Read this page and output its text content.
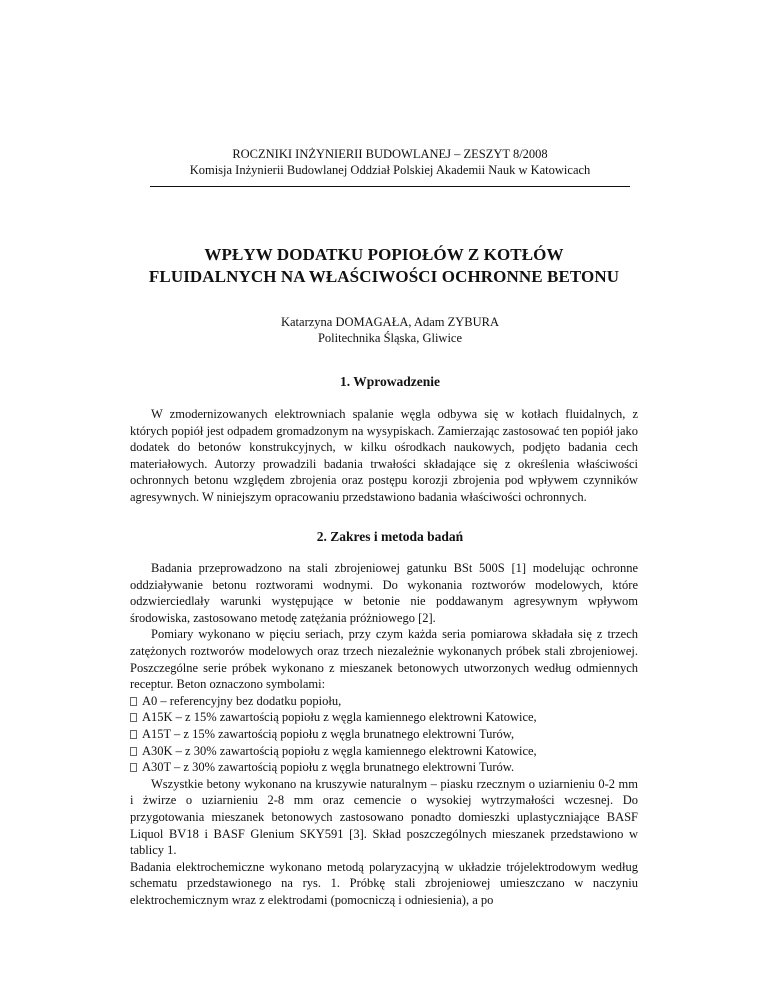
ROCZNIKI INŻYNIERII BUDOWLANEJ – ZESZYT 8/2008
Komisja Inżynierii Budowlanej Oddział Polskiej Akademii Nauk w Katowicach
WPŁYW DODATKU POPIOŁÓW Z KOTŁÓW
FLUIDALNYCH NA WŁAŚCIWOŚCI OCHRONNE BETONU
Katarzyna DOMAGAŁA, Adam ZYBURA
Politechnika Śląska, Gliwice
1. Wprowadzenie

W zmodernizowanych elektrowniach spalanie węgla odbywa się w kotłach fluidalnych, z których popiół jest odpadem gromadzonym na wysypiskach. Zamierzając zastosować ten popiół jako dodatek do betonów konstrukcyjnych, w kilku ośrodkach naukowych, podjęto badania cech materiałowych. Autorzy prowadzili badania trwałości składające się z określenia właściwości ochronnych betonu względem zbrojenia oraz postępu korozji zbrojenia pod wpływem czynników agresywnych. W niniejszym opracowaniu przedstawiono badania właściwości ochronnych.

2. Zakres i metoda badań

Badania przeprowadzono na stali zbrojeniowej gatunku BSt 500S [1] modelując ochronne oddziaływanie betonu roztworami wodnymi. Do wykonania roztworów modelowych, które odzwierciedlały warunki występujące w betonie nie poddawanym agresywnym wpływom środowiska, zastosowano metodę zatężania próżniowego [2].

Pomiary wykonano w pięciu seriach, przy czym każda seria pomiarowa składała się z trzech zatężonych roztworów modelowych oraz trzech niezależnie wykonanych próbek stali zbrojeniowej. Poszczególne serie próbek wykonano z mieszanek betonowych utworzonych według odmiennych receptur. Beton oznaczono symbolami:

A0 – referencyjny bez dodatku popiołu,
A15K – z 15% zawartością popiołu z węgla kamiennego elektrowni Katowice,
A15T – z 15% zawartością popiołu z węgla brunatnego elektrowni Turów,
A30K – z 30% zawartością popiołu z węgla kamiennego elektrowni Katowice,
A30T – z 30% zawartością popiołu z węgla brunatnego elektrowni Turów.

Wszystkie betony wykonano na kruszywie naturalnym – piasku rzecznym o uziarnieniu 0-2 mm i żwirze o uziarnieniu 2-8 mm oraz cemencie o wysokiej wytrzymałości wczesnej. Do przygotowania mieszanek betonowych zastosowano ponadto domieszki uplastyczniające BASF Liquol BV18 i BASF Glenium SKY591 [3]. Skład poszczególnych mieszanek przedstawiono w tablicy 1.

Badania elektrochemiczne wykonano metodą polaryzacyjną w układzie trójelektrodowym według schematu przedstawionego na rys. 1. Próbkę stali zbrojeniowej umieszczano w naczyniu elektrochemicznym wraz z elektrodami (pomocniczą i odniesienia), a po
